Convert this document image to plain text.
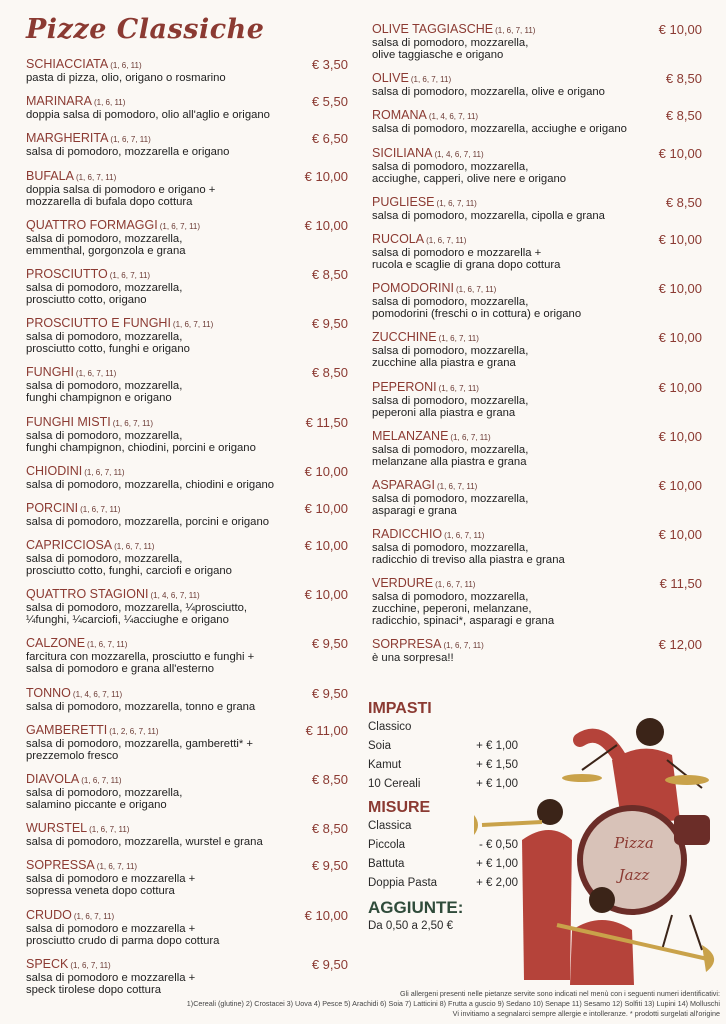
Pizze Classiche
SCHIACCIATA (1, 6, 11)	€ 3,50
pasta di pizza, olio, origano o rosmarino
MARINARA (1, 6, 11)	€ 5,50
doppia salsa di pomodoro, olio all'aglio e origano
MARGHERITA (1, 6, 7, 11)	€ 6,50
salsa di pomodoro, mozzarella e origano
BUFALA (1, 6, 7, 11)	€ 10,00
doppia salsa di pomodoro e origano +
mozzarella di bufala dopo cottura
QUATTRO FORMAGGI (1, 6, 7, 11)	€ 10,00
salsa di pomodoro, mozzarella,
emmenthal, gorgonzola e grana
PROSCIUTTO (1, 6, 7, 11)	€ 8,50
salsa di pomodoro, mozzarella,
prosciutto cotto, origano
PROSCIUTTO E FUNGHI (1, 6, 7, 11)	€ 9,50
salsa di pomodoro, mozzarella,
prosciutto cotto, funghi e origano
FUNGHI (1, 6, 7, 11)	€ 8,50
salsa di pomodoro, mozzarella,
funghi champignon e origano
FUNGHI MISTI (1, 6, 7, 11)	€ 11,50
salsa di pomodoro, mozzarella,
funghi champignon, chiodini, porcini e origano
CHIODINI (1, 6, 7, 11)	€ 10,00
salsa di pomodoro, mozzarella, chiodini e origano
PORCINI (1, 6, 7, 11)	€ 10,00
salsa di pomodoro, mozzarella, porcini e origano
CAPRICCIOSA (1, 6, 7, 11)	€ 10,00
salsa di pomodoro, mozzarella,
prosciutto cotto, funghi, carciofi e origano
QUATTRO STAGIONI (1, 4, 6, 7, 11)	€ 10,00
salsa di pomodoro, mozzarella, ¼prosciutto,
¼funghi, ¼carciofi, ¼acciughe e origano
CALZONE (1, 6, 7, 11)	€ 9,50
farcitura con mozzarella, prosciutto e funghi +
salsa di pomodoro e grana all'esterno
TONNO (1, 4, 6, 7, 11)	€ 9,50
salsa di pomodoro, mozzarella, tonno e grana
GAMBERETTI (1, 2, 6, 7, 11)	€ 11,00
salsa di pomodoro, mozzarella, gamberetti* +
prezzemolo fresco
DIAVOLA (1, 6, 7, 11)	€ 8,50
salsa di pomodoro, mozzarella,
salamino piccante e origano
WURSTEL (1, 6, 7, 11)	€ 8,50
salsa di pomodoro, mozzarella, wurstel e grana
SOPRESSA (1, 6, 7, 11)	€ 9,50
salsa di pomodoro e mozzarella +
sopressa veneta dopo cottura
CRUDO (1, 6, 7, 11)	€ 10,00
salsa di pomodoro e mozzarella +
prosciutto crudo di parma dopo cottura
SPECK (1, 6, 7, 11)	€ 9,50
salsa di pomodoro e mozzarella +
speck tirolese dopo cottura
OLIVE TAGGIASCHE (1, 6, 7, 11)	€ 10,00
salsa di pomodoro, mozzarella,
olive taggiasche e origano
OLIVE (1, 6, 7, 11)	€ 8,50
salsa di pomodoro, mozzarella, olive e origano
ROMANA (1, 4, 6, 7, 11)	€ 8,50
salsa di pomodoro, mozzarella, acciughe e origano
SICILIANA (1, 4, 6, 7, 11)	€ 10,00
salsa di pomodoro, mozzarella,
acciughe, capperi, olive nere e origano
PUGLIESE (1, 6, 7, 11)	€ 8,50
salsa di pomodoro, mozzarella, cipolla e grana
RUCOLA (1, 6, 7, 11)	€ 10,00
salsa di pomodoro e mozzarella +
rucola e scaglie di grana dopo cottura
POMODORINI (1, 6, 7, 11)	€ 10,00
salsa di pomodoro, mozzarella,
pomodorini (freschi o in cottura) e origano
ZUCCHINE (1, 6, 7, 11)	€ 10,00
salsa di pomodoro, mozzarella,
zucchine alla piastra e grana
PEPERONI (1, 6, 7, 11)	€ 10,00
salsa di pomodoro, mozzarella,
peperoni alla piastra e grana
MELANZANE (1, 6, 7, 11)	€ 10,00
salsa di pomodoro, mozzarella,
melanzane alla piastra e grana
ASPARAGI (1, 6, 7, 11)	€ 10,00
salsa di pomodoro, mozzarella,
asparagi e grana
RADICCHIO (1, 6, 7, 11)	€ 10,00
salsa di pomodoro, mozzarella,
radicchio di treviso alla piastra e grana
VERDURE (1, 6, 7, 11)	€ 11,50
salsa di pomodoro, mozzarella,
zucchine, peperoni, melanzane,
radicchio, spinaci*, asparagi e grana
SORPRESA (1, 6, 7, 11)	€ 12,00
è una sorpresa!!
IMPASTI
Classico
Soia	+ € 1,00
Kamut	+ € 1,50
10 Cereali	+ € 1,00
MISURE
Classica
Piccola	- € 0,50
Battuta	+ € 1,00
Doppia Pasta	+ € 2,00
AGGIUNTE:
Da 0,50 a 2,50 €
Pizza
Jazz
Gli allergeni presenti nelle pietanze servite sono indicati nel menù con i seguenti numeri identificativi:
1)Cereali (glutine) 2) Crostacei 3) Uova 4) Pesce 5) Arachidi 6) Soia 7) Latticini 8) Frutta a guscio 9) Sedano 10) Senape 11) Sesamo 12) Solfiti 13) Lupini 14) Molluschi
Vi invitiamo a segnalarci sempre allergie e intolleranze. * prodotti surgelati all'origine
